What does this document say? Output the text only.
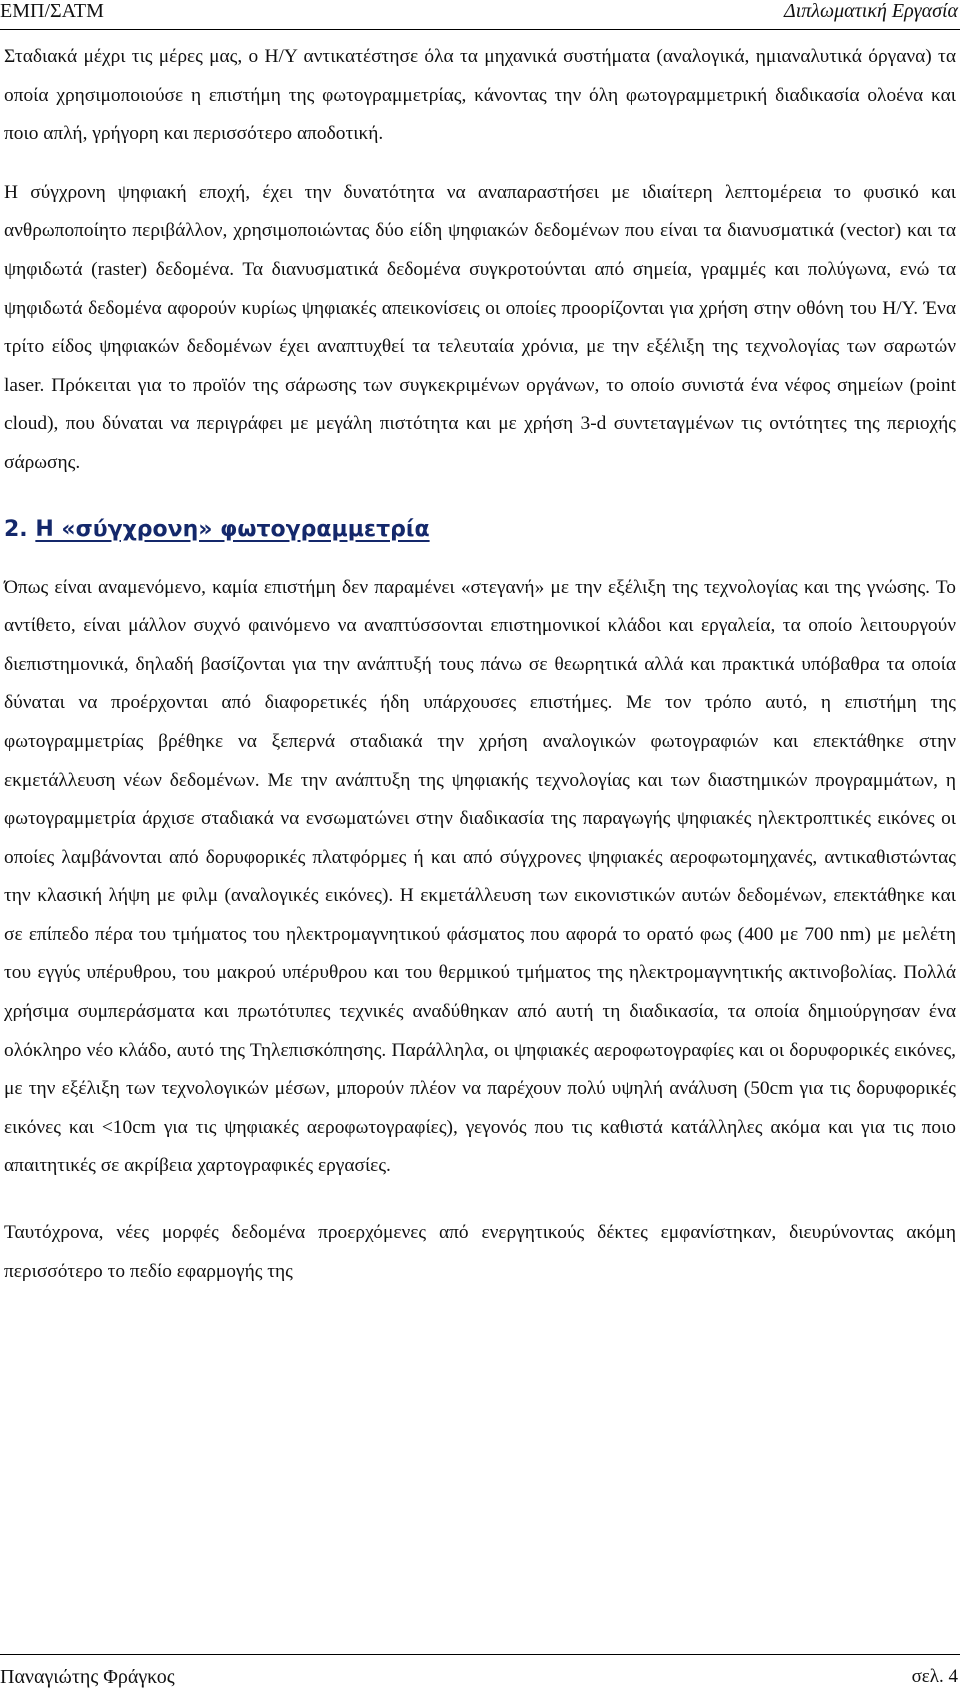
ΕΜΠ/ΣΑΤΜ	Διπλωματική Εργασία

Σταδιακά μέχρι τις μέρες μας, ο Η/Υ αντικατέστησε όλα τα μηχανικά συστήματα (αναλογικά, ημιαναλυτικά όργανα) τα οποία χρησιμοποιούσε η επιστήμη της φωτογραμμετρίας, κάνοντας την όλη φωτογραμμετρική διαδικασία ολοένα και ποιο απλή, γρήγορη και περισσότερο αποδοτική.

Η σύγχρονη ψηφιακή εποχή, έχει την δυνατότητα να αναπαραστήσει με ιδιαίτερη λεπτομέρεια το φυσικό και ανθρωποποίητο περιβάλλον, χρησιμοποιώντας δύο είδη ψηφιακών δεδομένων που είναι τα διανυσματικά (vector) και τα ψηφιδωτά (raster) δεδομένα. Τα διανυσματικά δεδομένα συγκροτούνται από σημεία, γραμμές και πολύγωνα, ενώ τα ψηφιδωτά δεδομένα αφορούν κυρίως ψηφιακές απεικονίσεις οι οποίες προορίζονται για χρήση στην οθόνη του Η/Υ. Ένα τρίτο είδος ψηφιακών δεδομένων έχει αναπτυχθεί τα τελευταία χρόνια, με την εξέλιξη της τεχνολογίας των σαρωτών laser. Πρόκειται για το προϊόν της σάρωσης των συγκεκριμένων οργάνων, το οποίο συνιστά ένα νέφος σημείων (point cloud), που δύναται να περιγράφει με μεγάλη πιστότητα και με χρήση 3-d συντεταγμένων τις οντότητες της περιοχής σάρωσης.

2. Η «σύγχρονη» φωτογραμμετρία

Όπως είναι αναμενόμενο, καμία επιστήμη δεν παραμένει «στεγανή» με την εξέλιξη της τεχνολογίας και της γνώσης. Το αντίθετο, είναι μάλλον συχνό φαινόμενο να αναπτύσσονται επιστημονικοί κλάδοι και εργαλεία, τα οποίο λειτουργούν διεπιστημονικά, δηλαδή βασίζονται για την ανάπτυξή τους πάνω σε θεωρητικά αλλά και πρακτικά υπόβαθρα τα οποία δύναται να προέρχονται από διαφορετικές ήδη υπάρχουσες επιστήμες. Με τον τρόπο αυτό, η επιστήμη της φωτογραμμετρίας βρέθηκε να ξεπερνά σταδιακά την χρήση αναλογικών φωτογραφιών και επεκτάθηκε στην εκμετάλλευση νέων δεδομένων. Με την ανάπτυξη της ψηφιακής τεχνολογίας και των διαστημικών προγραμμάτων, η φωτογραμμετρία άρχισε σταδιακά να ενσωματώνει στην διαδικασία της παραγωγής ψηφιακές ηλεκτροπτικές εικόνες οι οποίες λαμβάνονται από δορυφορικές πλατφόρμες ή και από σύγχρονες ψηφιακές αεροφωτομηχανές, αντικαθιστώντας την κλασική λήψη με φιλμ (αναλογικές εικόνες). Η εκμετάλλευση των εικονιστικών αυτών δεδομένων, επεκτάθηκε και σε επίπεδο πέρα του τμήματος του ηλεκτρομαγνητικού φάσματος που αφορά το ορατό φως (400 με 700 nm) με μελέτη του εγγύς υπέρυθρου, του μακρού υπέρυθρου και του θερμικού τμήματος της ηλεκτρομαγνητικής ακτινοβολίας. Πολλά χρήσιμα συμπεράσματα και πρωτότυπες τεχνικές αναδύθηκαν από αυτή τη διαδικασία, τα οποία δημιούργησαν ένα ολόκληρο νέο κλάδο, αυτό της Τηλεπισκόπησης. Παράλληλα, οι ψηφιακές αεροφωτογραφίες και οι δορυφορικές εικόνες, με την εξέλιξη των τεχνολογικών μέσων, μπορούν πλέον να παρέχουν πολύ υψηλή ανάλυση (50cm για τις δορυφορικές εικόνες και <10cm για τις ψηφιακές αεροφωτογραφίες), γεγονός που τις καθιστά κατάλληλες ακόμα και για τις ποιο απαιτητικές σε ακρίβεια χαρτογραφικές εργασίες.

Ταυτόχρονα, νέες μορφές δεδομένα προερχόμενες από ενεργητικούς δέκτες εμφανίστηκαν, διευρύνοντας ακόμη περισσότερο το πεδίο εφαρμογής της

Παναγιώτης Φράγκος	σελ. 4
